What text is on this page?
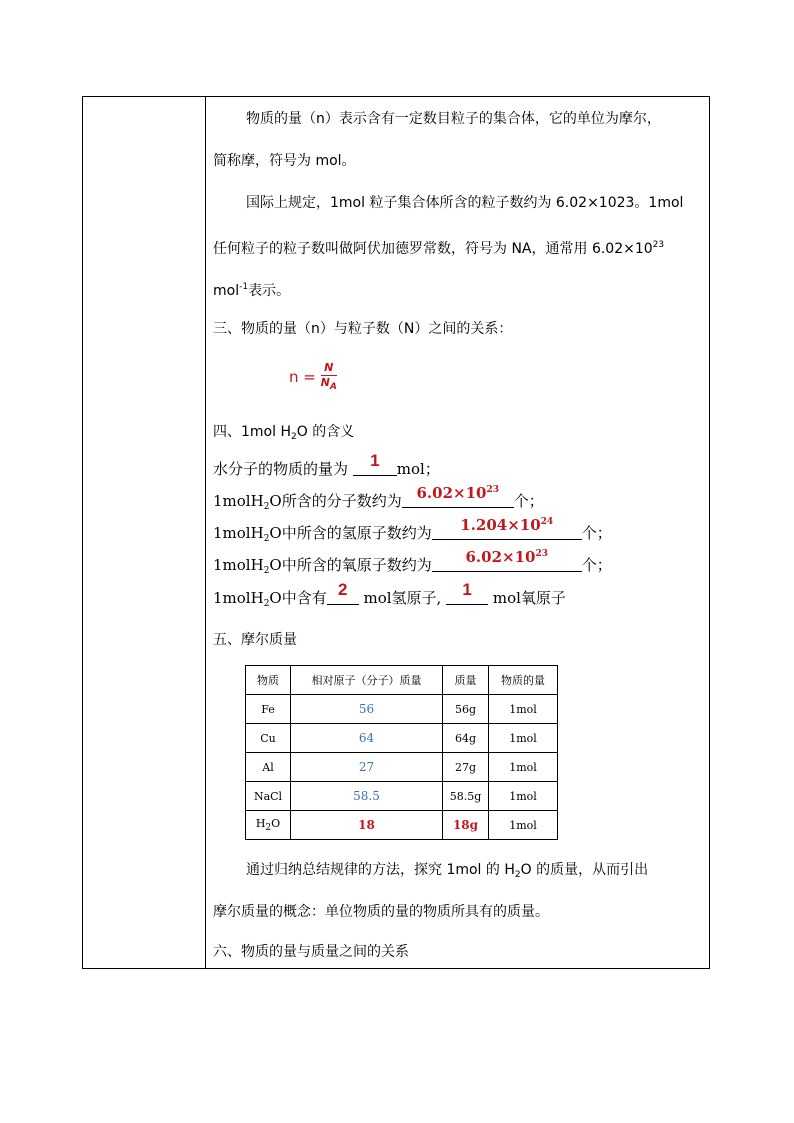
物质的量（n）表示含有一定数目粒子的集合体，它的单位为摩尔，
简称摩，符号为 mol。
国际上规定，1mol 粒子集合体所含的粒子数约为 6.02×1023。1mol
任何粒子的粒子数叫做阿伏加德罗常数，符号为 NA，通常用 $6.02\times 10^{23}$
mol$^{-1}$表示。
三、物质的量（n）与粒子数（N）之间的关系：
$n = \frac{N}{N_A}$
四、1mol $H_2O$ 的含义
水分子的物质的量为	1	mol；
1molH$_2$O所含的分子数约为 $6.02\times 10^{23}$
个；
1molH$_2$O中所含的氢原子数约为	$1.204\times 10^{24}$
个；
1molH$_2$O中所含的氧原子数约为	$6.02\times 10^{23}$
个；
1molH$_2$O中含有 2 mol氢原子, 1	mol氧原子
五、摩尔质量
物质	相对原子（分子）质量	质量	物质的量
Fe	56	56g	1mol
Cu	64	64g	1mol
Al	27	27g	1mol
NaCl	58.5	58.5g	1mol
$H_2O$	18	18g	1mol
通过归纳总结规律的方法，探究 1mol 的 $H_2O$ 的质量，从而引出
摩尔质量的概念：单位物质的量的物质所具有的质量。
六、物质的量与质量之间的关系
